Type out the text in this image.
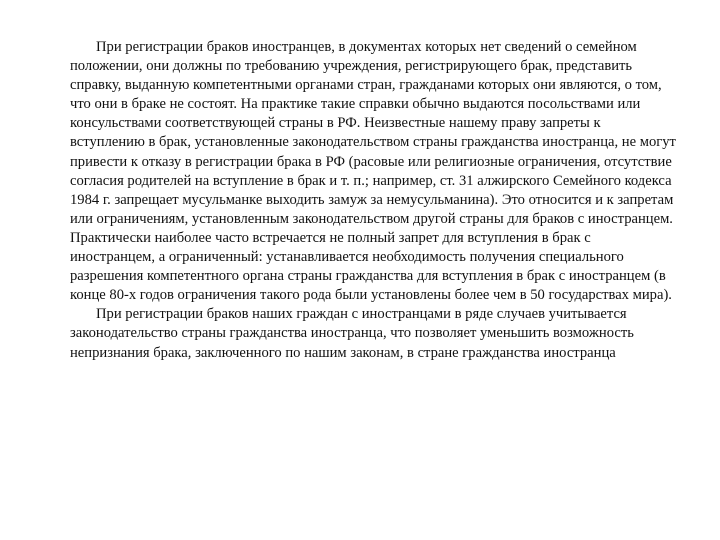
При регистрации браков иностранцев, в документах которых нет сведений о семейном положении, они должны по требованию учреждения, регистрирующего брак, представить справку, выданную компетентными органами стран, гражданами которых они являются, о том, что они в браке не состоят. На практике такие справки обычно выдаются посольствами или консульствами соответствующей страны в РФ. Неизвестные нашему праву запреты к вступлению в брак, установленные законодательством страны гражданства иностранца, не могут привести к отказу в регистрации брака в РФ (расовые или религиозные ограничения, отсутствие согласия родителей на вступление в брак и т. п.; например, ст. 31 алжирского Семейного кодекса 1984 г. запрещает мусульманке выходить замуж за немусульманина). Это относится и к запретам или ограничениям, установленным законодательством другой страны для браков с иностранцем. Практически наиболее часто встречается не полный запрет для вступления в брак с иностранцем, а ограниченный: устанавливается необходимость получения специального разрешения компетентного органа страны гражданства для вступления в брак с иностранцем (в конце 80-х годов ограничения такого рода были установлены более чем в 50 государствах мира).

При регистрации браков наших граждан с иностранцами в ряде случаев учитывается законодательство страны гражданства иностранца, что позволяет уменьшить возможность непризнания брака, заключенного по нашим законам, в стране гражданства иностранца
